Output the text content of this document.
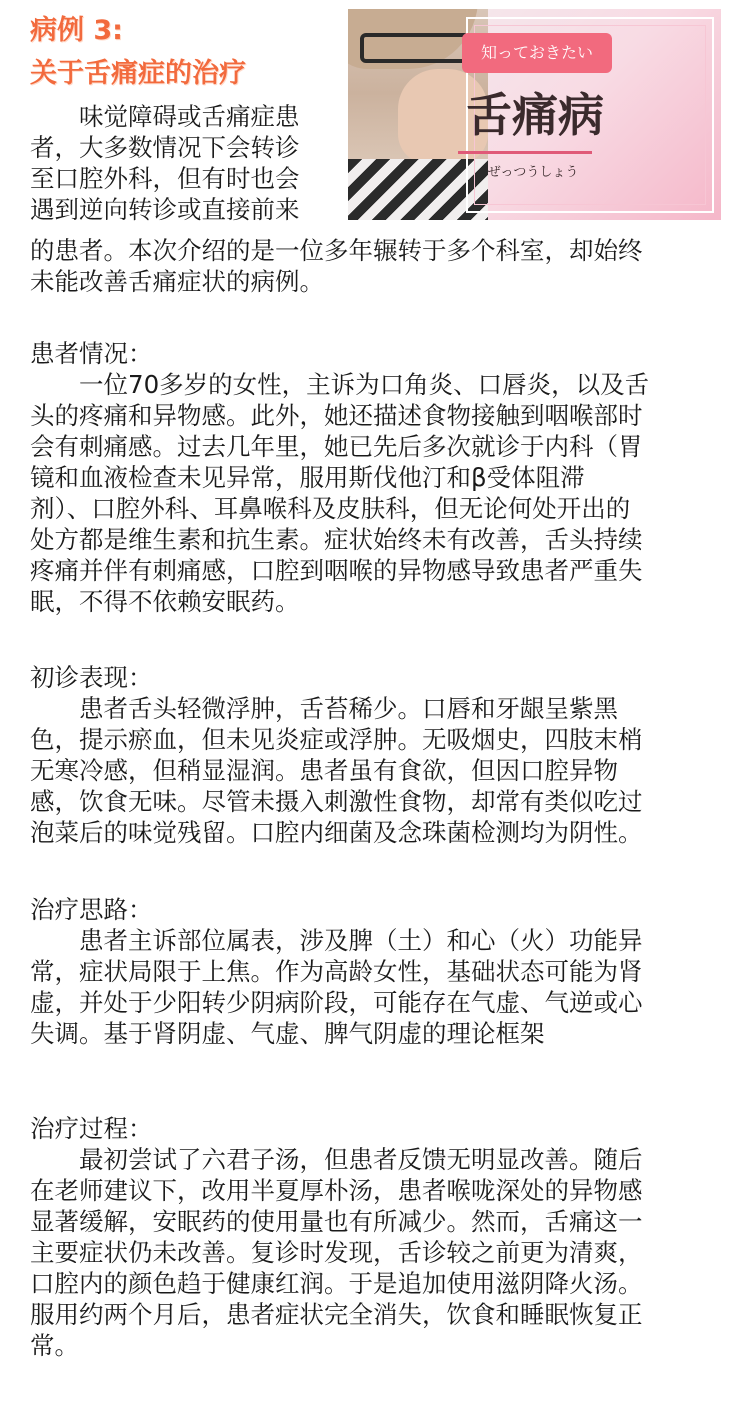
病例 3:
关于舌痛症的治疗
知っておきたい
舌痛病
ぜっつうしょう
　　味觉障碍或舌痛症患
者，大多数情况下会转诊
至口腔外科，但有时也会
遇到逆向转诊或直接前来
的患者。本次介绍的是一位多年辗转于多个科室，却始终
未能改善舌痛症状的病例。
患者情况：
　　一位70多岁的女性，主诉为口角炎、口唇炎，以及舌
头的疼痛和异物感。此外，她还描述食物接触到咽喉部时
会有刺痛感。过去几年里，她已先后多次就诊于内科（胃
镜和血液检查未见异常，服用斯伐他汀和β受体阻滞
剂）、口腔外科、耳鼻喉科及皮肤科，但无论何处开出的
处方都是维生素和抗生素。症状始终未有改善，舌头持续
疼痛并伴有刺痛感，口腔到咽喉的异物感导致患者严重失
眠，不得不依赖安眠药。
初诊表现：
　　患者舌头轻微浮肿，舌苔稀少。口唇和牙龈呈紫黑
色，提示瘀血，但未见炎症或浮肿。无吸烟史，四肢末梢
无寒冷感，但稍显湿润。患者虽有食欲，但因口腔异物
感，饮食无味。尽管未摄入刺激性食物，却常有类似吃过
泡菜后的味觉残留。口腔内细菌及念珠菌检测均为阴性。
治疗思路：
　　患者主诉部位属表，涉及脾（土）和心（火）功能异
常，症状局限于上焦。作为高龄女性，基础状态可能为肾
虚，并处于少阳转少阴病阶段，可能存在气虚、气逆或心
失调。基于肾阴虚、气虚、脾气阴虚的理论框架
治疗过程：
　　最初尝试了六君子汤，但患者反馈无明显改善。随后
在老师建议下，改用半夏厚朴汤，患者喉咙深处的异物感
显著缓解，安眠药的使用量也有所减少。然而，舌痛这一
主要症状仍未改善。复诊时发现，舌诊较之前更为清爽，
口腔内的颜色趋于健康红润。于是追加使用滋阴降火汤。
服用约两个月后，患者症状完全消失，饮食和睡眠恢复正
常。
